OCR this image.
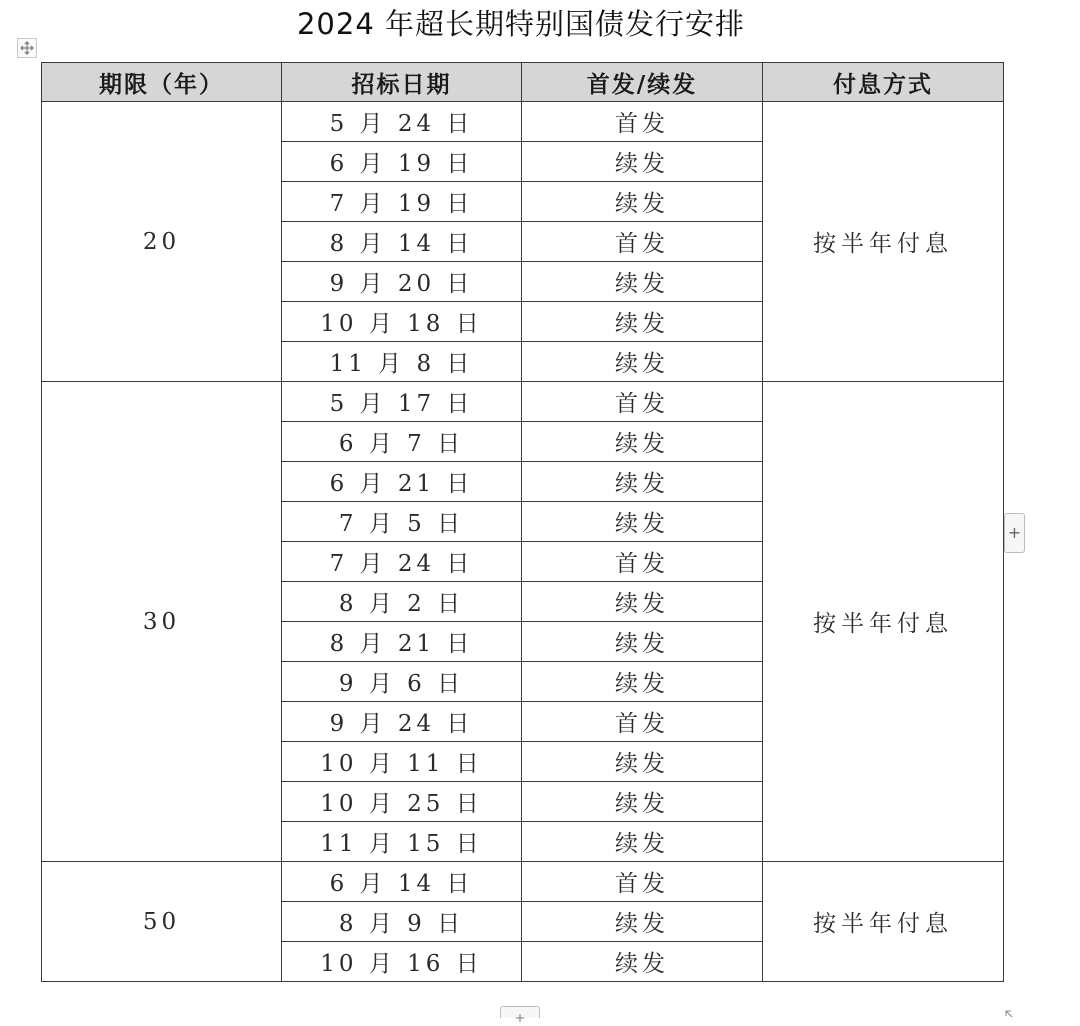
2024 年超长期特别国债发行安排
期限（年）	招标日期	首发/续发	付息方式
20	5 月 24 日	首发	按半年付息
	6 月 19 日	续发	
	7 月 19 日	续发	
	8 月 14 日	首发	
	9 月 20 日	续发	
	10 月 18 日	续发	
	11 月 8 日	续发	
30	5 月 17 日	首发	按半年付息
	6 月 7 日	续发	
	6 月 21 日	续发	
	7 月 5 日	续发	
	7 月 24 日	首发	
	8 月 2 日	续发	
	8 月 21 日	续发	
	9 月 6 日	续发	
	9 月 24 日	首发	
	10 月 11 日	续发	
	10 月 25 日	续发	
	11 月 15 日	续发	
50	6 月 14 日	首发	按半年付息
	8 月 9 日	续发	
	10 月 16 日	续发	
+
